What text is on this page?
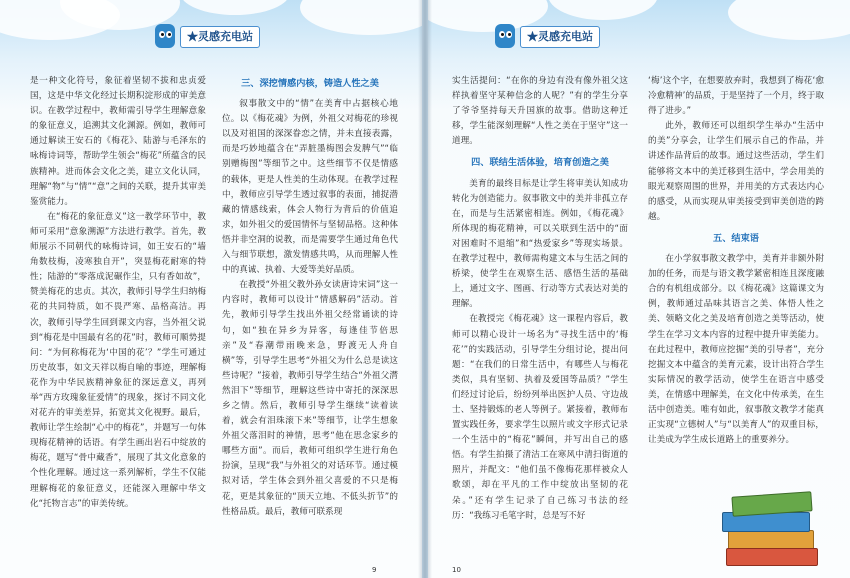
★灵感充电站

是一种文化符号，象征着坚韧不拔和忠贞爱国，这是中华文化经过长期积淀形成的审美意识。在教学过程中，教师需引导学生理解意象的象征意义，追溯其文化渊源。例如，教师可通过解读王安石的《梅花》、陆游与毛泽东的咏梅诗词等，帮助学生领会“梅花”所蕴含的民族精神。进而体会文化之美，建立文化认同，理解“物”与“情”“意”之间的关联，提升其审美鉴赏能力。

在“梅花的象征意义”这一教学环节中，教师可采用“意象溯源”方法进行教学。首先，教师展示不同朝代的咏梅诗词，如王安石的“墙角数枝梅，凌寒独自开”，突显梅花耐寒的特性；陆游的“零落成泥碾作尘，只有香如故”，赞美梅花的忠贞。其次，教师引导学生归纳梅花的共同特质，如不畏严寒、品格高洁。再次，教师引导学生回到课文内容，当外祖父说到“梅花是中国最有名的花”时，教师可顺势提问：“为何称梅花为‘中国的花’？”学生可通过历史故事，如文天祥以梅自喻的事迹，理解梅花作为中华民族精神象征的深远意义，再列举“西方玫瑰象征爱情”的现象，探讨不同文化对花卉的审美差异，拓宽其文化视野。最后，教师让学生绘制“心中的梅花”，并题写一句体现梅花精神的话语。有学生画出岩石中绽放的梅花，题写“骨中藏香”，展现了其文化意象的个性化理解。通过这一系列解析，学生不仅能理解梅花的象征意义，还能深入理解中华文化“托物言志”的审美传统。

三、深挖情感内核，铸造人性之美

叙事散文中的“情”在美育中占据核心地位。以《梅花魂》为例，外祖父对梅花的珍视以及对祖国的深深眷恋之情，并未直接表露，而是巧妙地蕴含在“弄脏墨梅图会发脾气”“临别赠梅图”等细节之中。这些细节不仅是情感的载体，更是人性美的生动体现。在教学过程中，教师应引导学生透过叙事的表面，捕捉潜藏的情感线索，体会人物行为背后的价值追求，如外祖父的爱国情怀与坚韧品格。这种体悟并非空洞的说教，而是需要学生通过角色代入与细节联想，激发情感共鸣，从而理解人性中的真诚、执着、大爱等美好品质。

在教授“外祖父教外孙女读唐诗宋词”这一内容时，教师可以设计“情感解码”活动。首先，教师引导学生找出外祖父经常诵读的诗句，如“独在异乡为异客，每逢佳节倍思亲”及“春潮带雨晚来急，野渡无人舟自横”等，引导学生思考“外祖父为什么总是读这些诗呢？”接着，教师引导学生结合“外祖父潸然泪下”等细节，理解这些诗中寄托的深深思乡之情。然后，教师引导学生继续“读着读着，就会有泪珠滚下来”等细节，让学生想象外祖父落泪时的神情，思考“他在思念家乡的哪些方面”。而后，教师可组织学生进行角色扮演，呈现“我”与外祖父的对话环节。通过模拟对话，学生体会到外祖父喜爱的不只是梅花，更是其象征的“顶天立地、不低头折节”的性格品质。最后，教师可联系现

9
★灵感充电站

实生活提问：“在你的身边有没有像外祖父这样执着坚守某种信念的人呢？”有的学生分享了爷爷坚持每天升国旗的故事。借助这种迁移，学生能深刻理解“人性之美在于坚守”这一道理。

四、联结生活体验，培育创造之美

美育的最终目标是让学生将审美认知成功转化为创造能力。叙事散文中的美并非孤立存在，而是与生活紧密相连。例如，《梅花魂》所体现的梅花精神，可以关联到生活中的“面对困难时不退缩”和“热爱家乡”等现实场景。在教学过程中，教师需构建文本与生活之间的桥梁，使学生在观察生活、感悟生活的基础上，通过文字、图画、行动等方式表达对美的理解。

在教授完《梅花魂》这一课程内容后，教师可以精心设计一场名为“寻找生活中的‘梅花’”的实践活动，引导学生分组讨论，提出问题：“在我们的日常生活中，有哪些人与梅花类似，具有坚韧、执着及爱国等品质？”学生们经过讨论后，纷纷列举出医护人员、守边战士、坚持锻炼的老人等例子。紧接着，教师布置实践任务，要求学生以照片或文字形式记录一个生活中的“梅花”瞬间，并写出自己的感悟。有学生拍摄了清洁工在寒风中清扫街道的照片，并配文：“他们虽不像梅花那样被众人歌颂，却在平凡的工作中绽放出坚韧的花朵。”还有学生记录了自己练习书法的经历：“我练习毛笔字时，总是写不好

‘梅’这个字，在想要放弃时，我想到了梅花‘愈冷愈精神’的品质，于是坚持了一个月，终于取得了进步。”

此外，教师还可以组织学生举办“生活中的美”分享会，让学生们展示自己的作品，并讲述作品背后的故事。通过这些活动，学生们能够将文本中的美迁移到生活中，学会用美的眼光观察周围的世界，并用美的方式表达内心的感受，从而实现从审美接受到审美创造的跨越。

五、结束语

在小学叙事散文教学中，美育并非额外附加的任务，而是与语文教学紧密相连且深度融合的有机组成部分。以《梅花魂》这篇课文为例，教师通过品味其语言之美、体悟人性之美、领略文化之美及培育创造之美等活动，使学生在学习文本内容的过程中提升审美能力。在此过程中，教师应挖掘“美的引导者”，充分挖掘文本中蕴含的美育元素，设计出符合学生实际情况的教学活动，使学生在语言中感受美，在情感中理解美，在文化中传承美，在生活中创造美。唯有如此，叙事散文教学才能真正实现“立德树人”与“以美育人”的双重目标，让美成为学生成长道路上的重要养分。

10
